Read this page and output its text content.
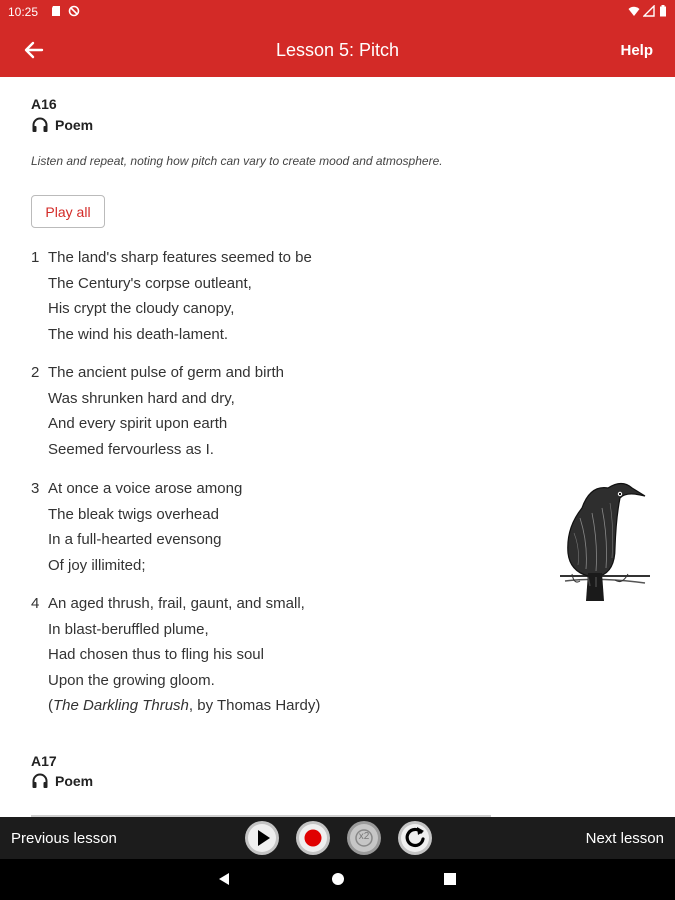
10:25
Lesson 5: Pitch	Help
A16
Poem
Listen and repeat, noting how pitch can vary to create mood and atmosphere.
Play all
1 The land's sharp features seemed to be
The Century's corpse outleant,
His crypt the cloudy canopy,
The wind his death-lament.
2 The ancient pulse of germ and birth
Was shrunken hard and dry,
And every spirit upon earth
Seemed fervourless as I.
3 At once a voice arose among
The bleak twigs overhead
In a full-hearted evensong
Of joy illimited;
4 An aged thrush, frail, gaunt, and small,
In blast-beruffled plume,
Had chosen thus to fling his soul
Upon the growing gloom.
(The Darkling Thrush, by Thomas Hardy)
A17
Poem
Previous lesson	x2	Next lesson
